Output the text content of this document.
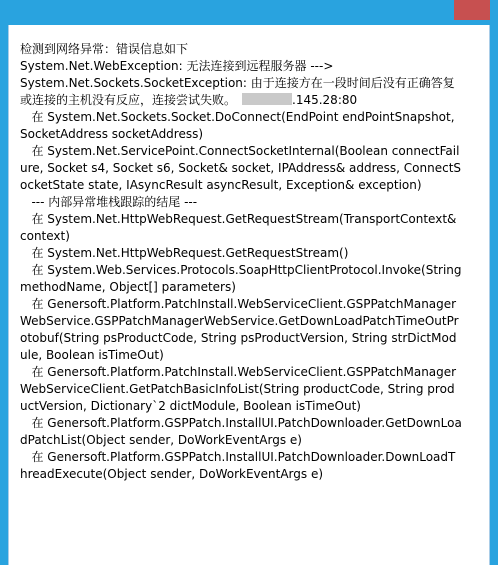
检测到网络异常：错误信息如下
System.Net.WebException: 无法连接到远程服务器 --->
System.Net.Sockets.SocketException: 由于连接方在一段时间后没有正确答复或连接的主机没有反应，连接尝试失败。	.145.28:80
在 System.Net.Sockets.Socket.DoConnect(EndPoint endPointSnapshot, SocketAddress socketAddress)
在 System.Net.ServicePoint.ConnectSocketInternal(Boolean connectFailure, Socket s4, Socket s6, Socket& socket, IPAddress& address, ConnectSocketState state, IAsyncResult asyncResult, Exception& exception)
--- 内部异常堆栈跟踪的结尾 ---
在 System.Net.HttpWebRequest.GetRequestStream(TransportContext& context)
在 System.Net.HttpWebRequest.GetRequestStream()
在 System.Web.Services.Protocols.SoapHttpClientProtocol.Invoke(String methodName, Object[] parameters)
在 Genersoft.Platform.PatchInstall.WebServiceClient.GSPPatchManagerWebService.GSPPatchManagerWebService.GetDownLoadPatchTimeOutProtobuf(String psProductCode, String psProductVersion, String strDictModule, Boolean isTimeOut)
在 Genersoft.Platform.PatchInstall.WebServiceClient.GSPPatchManagerWebServiceClient.GetPatchBasicInfoList(String productCode, String productVersion, Dictionary`2 dictModule, Boolean isTimeOut)
在 Genersoft.Platform.GSPPatch.InstallUI.PatchDownloader.GetDownLoadPatchList(Object sender, DoWorkEventArgs e)
在 Genersoft.Platform.GSPPatch.InstallUI.PatchDownloader.DownLoadThreadExecute(Object sender, DoWorkEventArgs e)
